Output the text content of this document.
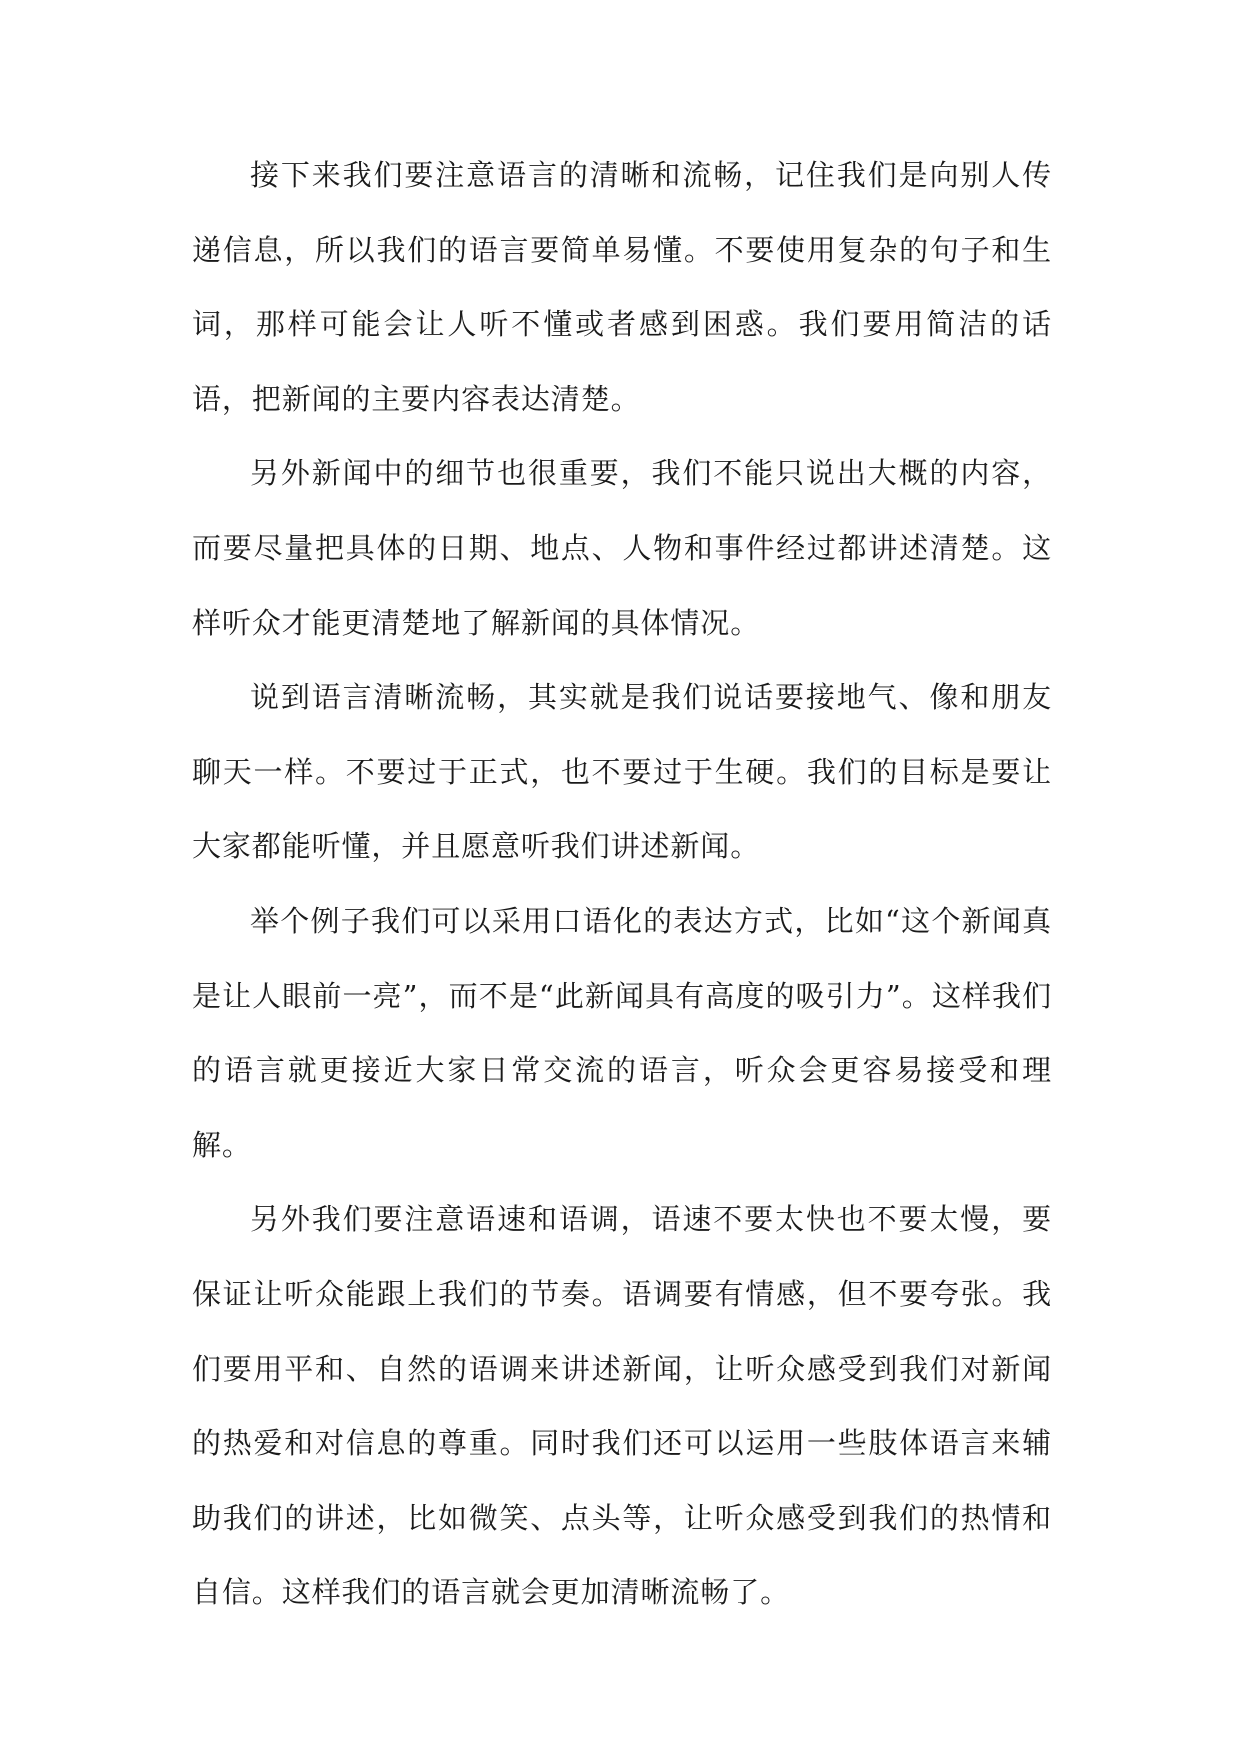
接下来我们要注意语言的清晰和流畅，记住我们是向别人传递信息，所以我们的语言要简单易懂。不要使用复杂的句子和生词，那样可能会让人听不懂或者感到困惑。我们要用简洁的话语，把新闻的主要内容表达清楚。

另外新闻中的细节也很重要，我们不能只说出大概的内容，而要尽量把具体的日期、地点、人物和事件经过都讲述清楚。这样听众才能更清楚地了解新闻的具体情况。

说到语言清晰流畅，其实就是我们说话要接地气、像和朋友聊天一样。不要过于正式，也不要过于生硬。我们的目标是要让大家都能听懂，并且愿意听我们讲述新闻。

举个例子我们可以采用口语化的表达方式，比如“这个新闻真是让人眼前一亮”，而不是“此新闻具有高度的吸引力”。这样我们的语言就更接近大家日常交流的语言，听众会更容易接受和理解。

另外我们要注意语速和语调，语速不要太快也不要太慢，要保证让听众能跟上我们的节奏。语调要有情感，但不要夸张。我们要用平和、自然的语调来讲述新闻，让听众感受到我们对新闻的热爱和对信息的尊重。同时我们还可以运用一些肢体语言来辅助我们的讲述，比如微笑、点头等，让听众感受到我们的热情和自信。这样我们的语言就会更加清晰流畅了。
